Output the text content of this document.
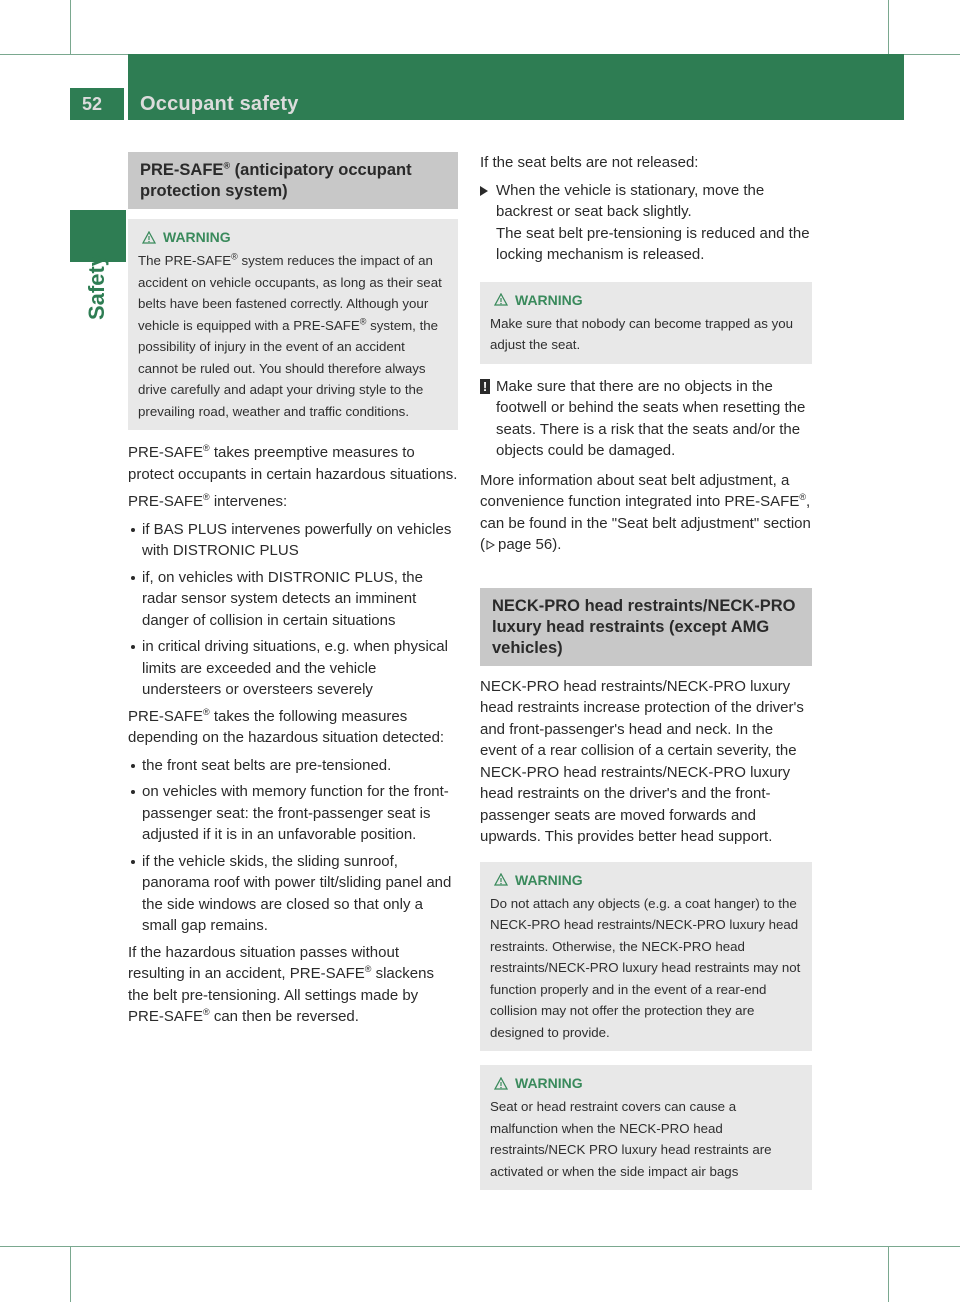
52	Occupant safety
Safety
PRE-SAFE® (anticipatory occupant protection system)
WARNING
The PRE-SAFE® system reduces the impact of an accident on vehicle occupants, as long as their seat belts have been fastened correctly. Although your vehicle is equipped with a PRE-SAFE® system, the possibility of injury in the event of an accident cannot be ruled out. You should therefore always drive carefully and adapt your driving style to the prevailing road, weather and traffic conditions.

PRE-SAFE® takes preemptive measures to protect occupants in certain hazardous situations.

PRE-SAFE® intervenes:

if BAS PLUS intervenes powerfully on vehicles with DISTRONIC PLUS
if, on vehicles with DISTRONIC PLUS, the radar sensor system detects an imminent danger of collision in certain situations
in critical driving situations, e.g. when physical limits are exceeded and the vehicle understeers or oversteers severely

PRE-SAFE® takes the following measures depending on the hazardous situation detected:

the front seat belts are pre-tensioned.
on vehicles with memory function for the front-passenger seat: the front-passenger seat is adjusted if it is in an unfavorable position.
if the vehicle skids, the sliding sunroof, panorama roof with power tilt/sliding panel and the side windows are closed so that only a small gap remains.

If the hazardous situation passes without resulting in an accident, PRE-SAFE® slackens the belt pre-tensioning. All settings made by PRE-SAFE® can then be reversed.

If the seat belts are not released:

When the vehicle is stationary, move the backrest or seat back slightly.
The seat belt pre-tensioning is reduced and the locking mechanism is released.
WARNING
Make sure that nobody can become trapped as you adjust the seat.
! Make sure that there are no objects in the footwell or behind the seats when resetting the seats. There is a risk that the seats and/or the objects could be damaged.

More information about seat belt adjustment, a convenience function integrated into PRE-SAFE®, can be found in the "Seat belt adjustment" section ( page 56).

NECK-PRO head restraints/NECK-PRO luxury head restraints (except AMG vehicles)

NECK-PRO head restraints/NECK-PRO luxury head restraints increase protection of the driver's and front-passenger's head and neck. In the event of a rear collision of a certain severity, the NECK-PRO head restraints/NECK-PRO luxury head restraints on the driver's and the front-passenger seats are moved forwards and upwards. This provides better head support.

WARNING
Do not attach any objects (e.g. a coat hanger) to the NECK-PRO head restraints/NECK-PRO luxury head restraints. Otherwise, the NECK-PRO head restraints/NECK-PRO luxury head restraints may not function properly and in the event of a rear-end collision may not offer the protection they are designed to provide.
WARNING
Seat or head restraint covers can cause a malfunction when the NECK-PRO head restraints/NECK PRO luxury head restraints are activated or when the side impact air bags
